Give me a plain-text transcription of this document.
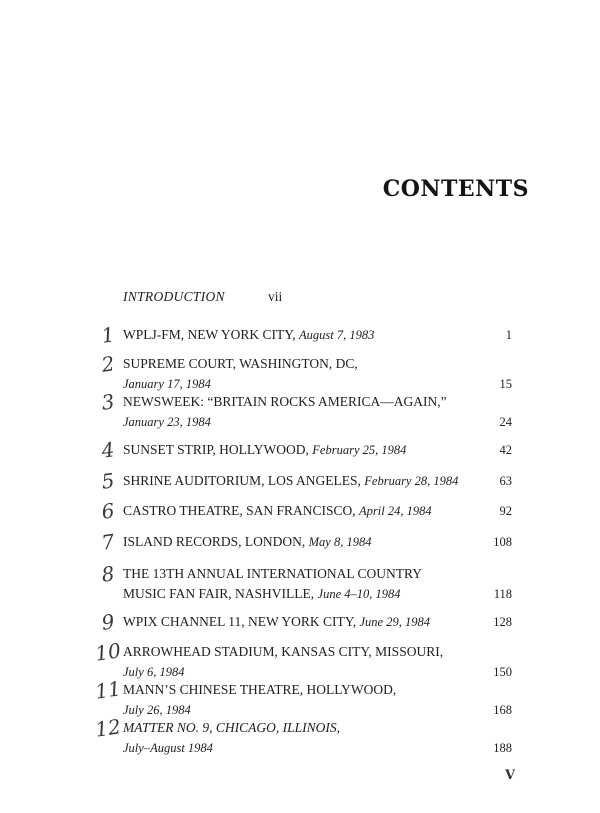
CONTENTS
INTRODUCTION	vii
1 WPLJ-FM, NEW YORK CITY, August 7, 1983	1
2 SUPREME COURT, WASHINGTON, DC,
January 17, 1984	15
3 NEWSWEEK: “BRITAIN ROCKS AMERICA—AGAIN,”
January 23, 1984	24
4 SUNSET STRIP, HOLLYWOOD, February 25, 1984	42
5 SHRINE AUDITORIUM, LOS ANGELES, February 28, 1984	63
6 CASTRO THEATRE, SAN FRANCISCO, April 24, 1984	92
7 ISLAND RECORDS, LONDON, May 8, 1984	108
8 THE 13TH ANNUAL INTERNATIONAL COUNTRY
MUSIC FAN FAIR, NASHVILLE, June 4–10, 1984	118
9 WPIX CHANNEL 11, NEW YORK CITY, June 29, 1984	128
10 ARROWHEAD STADIUM, KANSAS CITY, MISSOURI,
July 6, 1984	150
11 MANN’S CHINESE THEATRE, HOLLYWOOD,
July 26, 1984	168
12 MATTER NO. 9, CHICAGO, ILLINOIS,
July–August 1984	188
V
